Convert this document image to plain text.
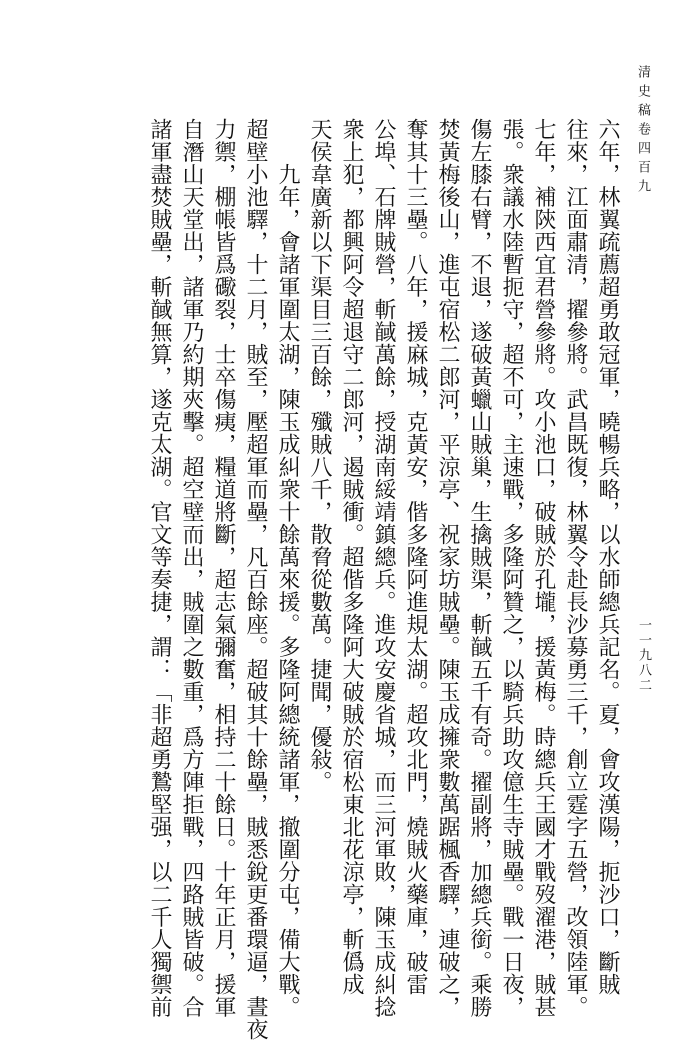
清史稿卷四百九
一一九八二
六年，林翼疏薦超勇敢冠軍，曉暢兵略，以水師總兵記名。夏，會攻漢陽，扼沙口，斷賊
往來，江面肅清，擢參將。武昌既復，林翼令赴長沙募勇三千，創立霆字五營，改領陸軍。
七年，補陝西宜君營參將。攻小池口，破賊於孔壠，援黃梅。時總兵王國才戰歿濯港，賊甚
張。衆議水陸暫扼守，超不可，主速戰，多隆阿贊之，以騎兵助攻億生寺賊壘。戰一日夜，
傷左膝右臂，不退，遂破黃蠟山賊巢，生擒賊渠，斬馘五千有奇。擢副將，加總兵銜。乘勝
焚黃梅後山，進屯宿松二郎河，平涼亭、祝家坊賊壘。陳玉成擁衆數萬踞楓香驛，連破之，
奪其十三壘。八年，援麻城，克黃安，偕多隆阿進規太湖。超攻北門，燒賊火藥庫，破雷
公埠、石牌賊營，斬馘萬餘，授湖南綏靖鎮總兵。進攻安慶省城，而三河軍敗，陳玉成糾捻
衆上犯，都興阿令超退守二郎河，遏賊衝。超偕多隆阿大破賊於宿松東北花涼亭，斬僞成
天侯韋廣新以下渠目三百餘，殲賊八千，散脅從數萬。捷聞，優敍。
　　九年，會諸軍圍太湖，陳玉成糾衆十餘萬來援。多隆阿總統諸軍，撤圍分屯，備大戰。
超壁小池驛，十二月，賊至，壓超軍而壘，凡百餘座。超破其十餘壘，賊悉銳更番環逼，晝夜
力禦，棚帳皆爲礮裂，士卒傷痍，糧道將斷，超志氣彌奮，相持二十餘日。十年正月，援軍
自潛山天堂出，諸軍乃約期夾擊。超空壁而出，賊圍之數重，爲方陣拒戰，四路賊皆破。合
諸軍盡焚賊壘，斬馘無算，遂克太湖。官文等奏捷，謂：「非超勇鷙堅强，以二千人獨禦前
